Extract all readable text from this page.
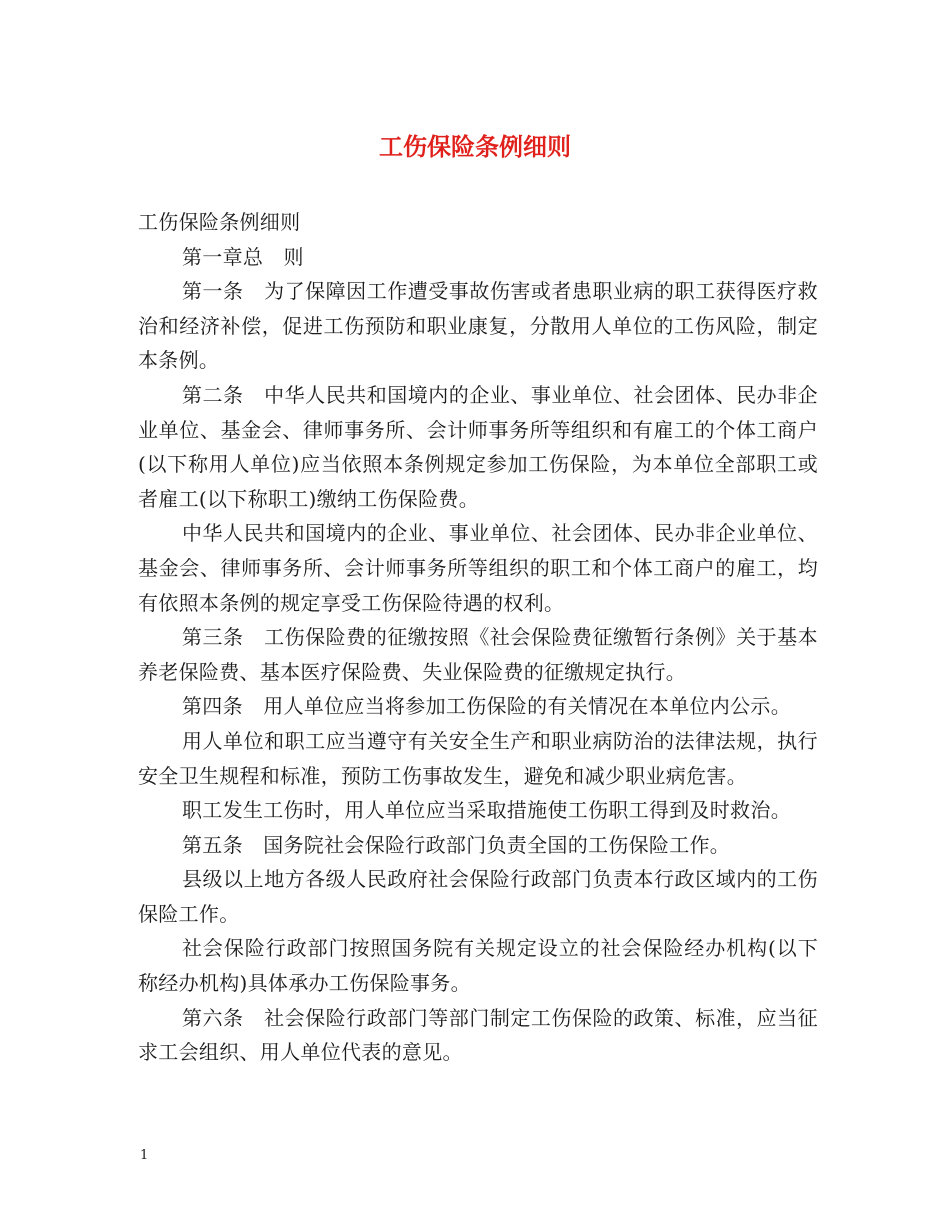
工伤保险条例细则

工伤保险条例细则

第一章总　则

第一条　为了保障因工作遭受事故伤害或者患职业病的职工获得医疗救治和经济补偿，促进工伤预防和职业康复，分散用人单位的工伤风险，制定本条例。

第二条　中华人民共和国境内的企业、事业单位、社会团体、民办非企业单位、基金会、律师事务所、会计师事务所等组织和有雇工的个体工商户(以下称用人单位)应当依照本条例规定参加工伤保险，为本单位全部职工或者雇工(以下称职工)缴纳工伤保险费。

中华人民共和国境内的企业、事业单位、社会团体、民办非企业单位、基金会、律师事务所、会计师事务所等组织的职工和个体工商户的雇工，均有依照本条例的规定享受工伤保险待遇的权利。

第三条　工伤保险费的征缴按照《社会保险费征缴暂行条例》关于基本养老保险费、基本医疗保险费、失业保险费的征缴规定执行。

第四条　用人单位应当将参加工伤保险的有关情况在本单位内公示。

用人单位和职工应当遵守有关安全生产和职业病防治的法律法规，执行安全卫生规程和标准，预防工伤事故发生，避免和减少职业病危害。

职工发生工伤时，用人单位应当采取措施使工伤职工得到及时救治。

第五条　国务院社会保险行政部门负责全国的工伤保险工作。

县级以上地方各级人民政府社会保险行政部门负责本行政区域内的工伤保险工作。

社会保险行政部门按照国务院有关规定设立的社会保险经办机构(以下称经办机构)具体承办工伤保险事务。

第六条　社会保险行政部门等部门制定工伤保险的政策、标准，应当征求工会组织、用人单位代表的意见。

1
